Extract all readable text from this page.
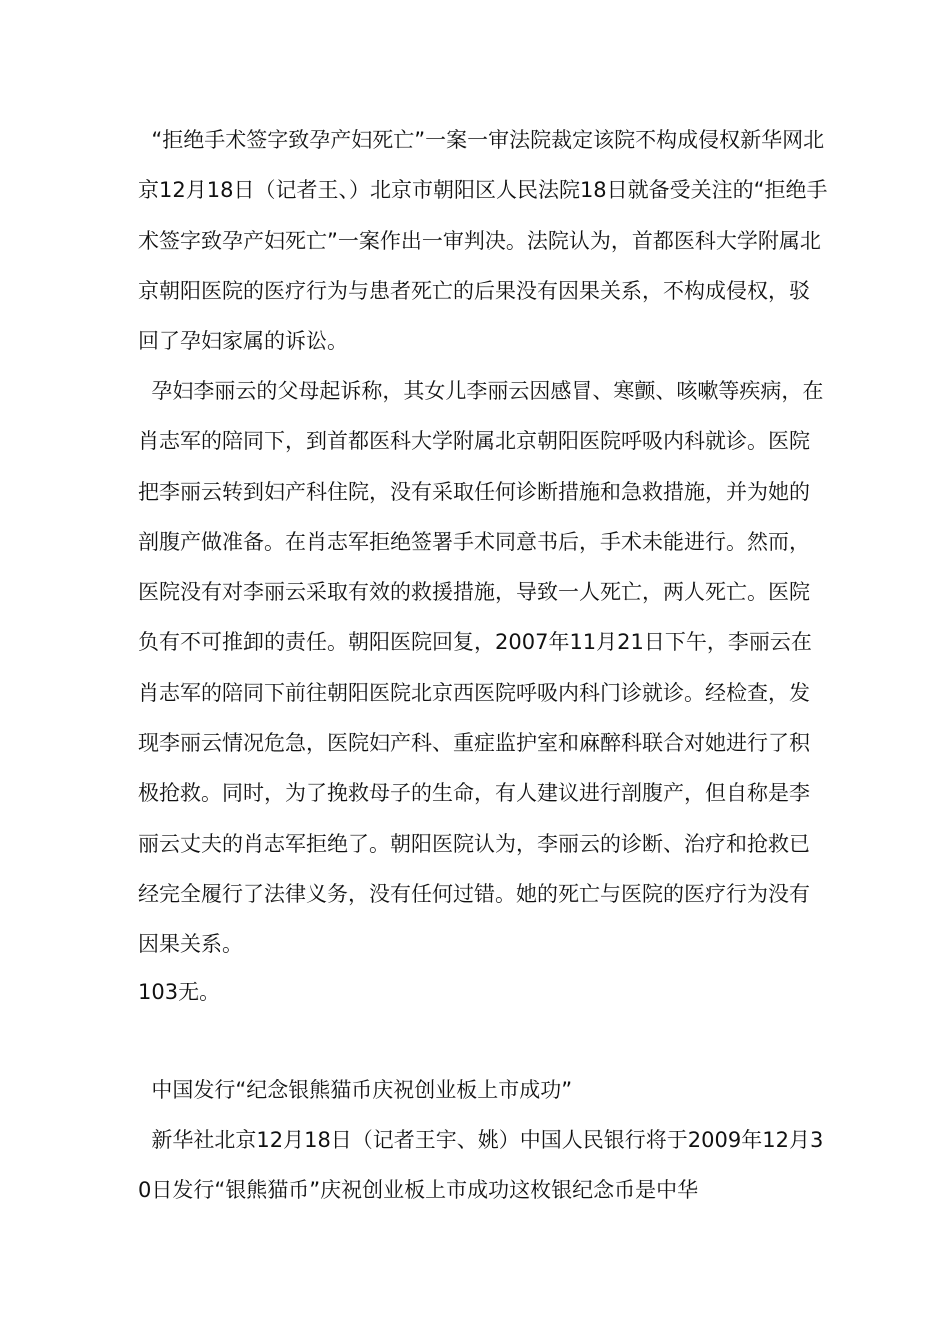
“拒绝手术签字致孕产妇死亡”一案一审法院裁定该院不构成侵权新华网北京12月18日（记者王、）北京市朝阳区人民法院18日就备受关注的“拒绝手术签字致孕产妇死亡”一案作出一审判决。法院认为，首都医科大学附属北京朝阳医院的医疗行为与患者死亡的后果没有因果关系，不构成侵权，驳回了孕妇家属的诉讼。
孕妇李丽云的父母起诉称，其女儿李丽云因感冒、寒颤、咳嗽等疾病，在肖志军的陪同下，到首都医科大学附属北京朝阳医院呼吸内科就诊。医院把李丽云转到妇产科住院，没有采取任何诊断措施和急救措施，并为她的剖腹产做准备。在肖志军拒绝签署手术同意书后，手术未能进行。然而，医院没有对李丽云采取有效的救援措施，导致一人死亡，两人死亡。医院负有不可推卸的责任。朝阳医院回复，2007年11月21日下午，李丽云在肖志军的陪同下前往朝阳医院北京西医院呼吸内科门诊就诊。经检查，发现李丽云情况危急，医院妇产科、重症监护室和麻醉科联合对她进行了积极抢救。同时，为了挽救母子的生命，有人建议进行剖腹产，但自称是李丽云丈夫的肖志军拒绝了。朝阳医院认为，李丽云的诊断、治疗和抢救已经完全履行了法律义务，没有任何过错。她的死亡与医院的医疗行为没有因果关系。
103无。
中国发行“纪念银熊猫币庆祝创业板上市成功”
新华社北京12月18日（记者王宇、姚）中国人民银行将于2009年12月30日发行“银熊猫币”庆祝创业板上市成功这枚银纪念币是中华
